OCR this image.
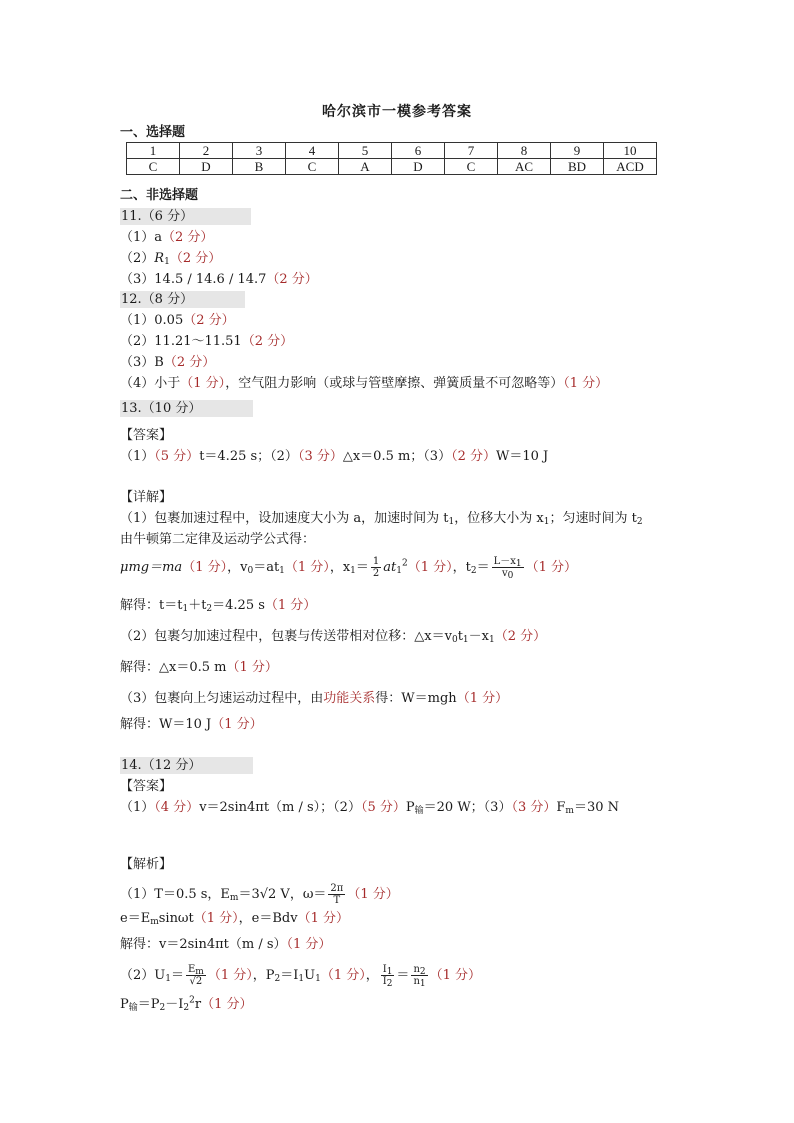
哈尔滨市一模参考答案
一、选择题
1	2	3	4	5	6	7	8	9	10
C	D	B	C	A	D	C	AC	BD	ACD
二、非选择题
11.（6 分）
（1）a（2 分）
$(2)R_1(2$ 分）
（3）14.5 / 14.6 / 14.7（2 分）
12.（8 分）
（1）0.05（2 分）
（2）11.21～11.51（2 分）
（3）B（2 分）
（4）小于（1 分），空气阻力影响（或球与管壁摩擦、弹簧质量不可忽略等）（1 分）
13.（10 分）
【答案】
（1）（5 分）t＝4.25 s；（2）（3 分）△x＝0.5 m；（3）（2 分）W＝10 J
【详解】
（1）包裹加速过程中，设加速度大小为 a，加速时间为 $t_1$，位移大小为 $x_1$；匀速时间为 $t_2$
由牛顿第二定律及运动学公式得：
μmg＝ma（1 分），$v_0=at_1(1$ 分），$x_1= \frac{1}{2} at_1^2(1$ 分），$t_2= \frac{L-x_1}{v_0} (1$ 分）
解得：$t=t_1+t_2=4.25$ s（1 分）
（2）包裹匀加速过程中，包裹与传送带相对位移：$\triangle x=v_0t_1-x_1(2$ 分）
解得：△x＝0.5 m（1 分）
（3）包裹向上匀速运动过程中，由功能关系得：W＝mgh（1 分）
解得：W＝10 J（1 分）
14.（12 分）
【答案】
（1）（4 分）v＝2sin4πt（m / s）；（2）（5 分）$P_输=20$ W；（3）（3 分）$F_m=30$ N
【解析】
（1）T＝0.5 s，$E_m=3√2$ V，$\omega= \frac{2\pi}{T} (1$ 分）
$e=E_m\sin\omega t(1$ 分），e＝Bdv（1 分）
解得：v＝2sin4πt（m / s）（1 分）
$(2)U_1= \frac{E_m}{√2} (1$ 分），$P_2=I_1U_1(1$ 分）， $\frac{I_1}{I_2} = \frac{n_2}{n_1} (1$ 分）
$P_输=P_2-I_2^2r(1$ 分）
